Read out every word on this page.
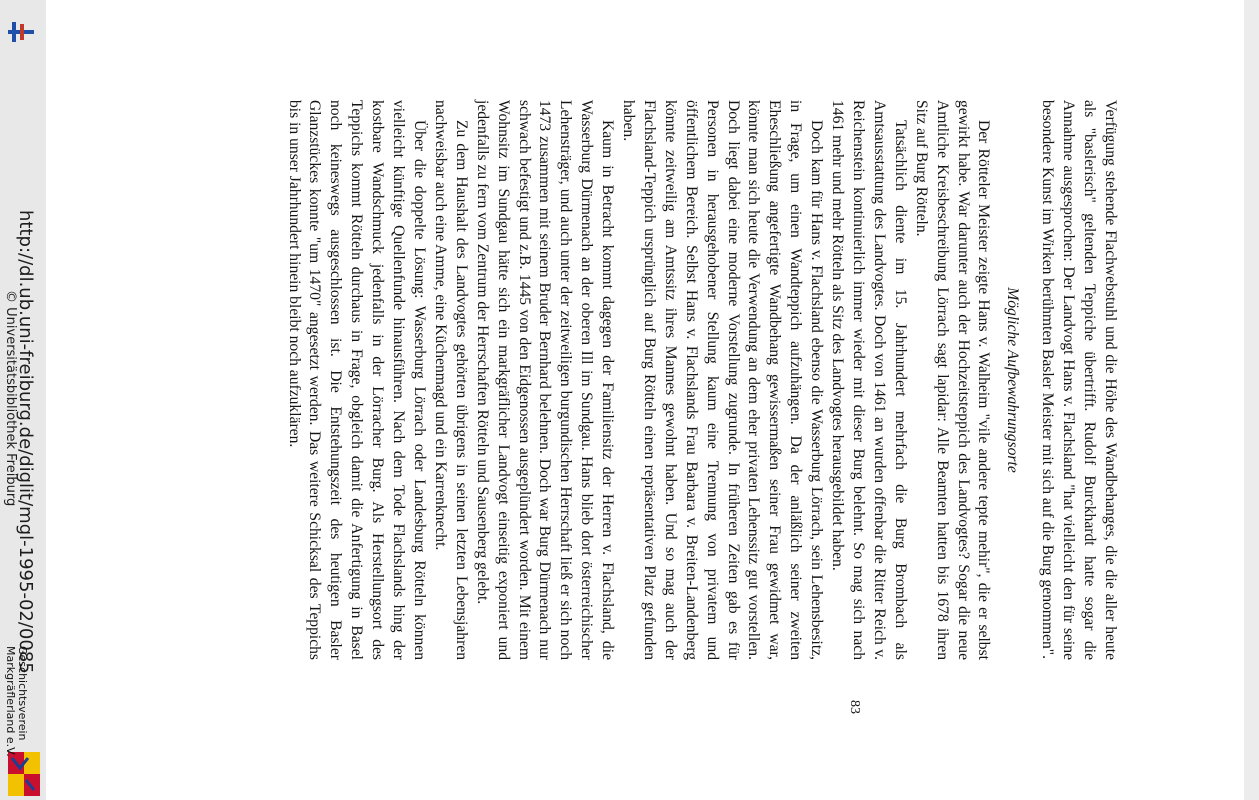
http://dl.ub.uni-freiburg.de/diglit/mgl-1995-02/0085
© Universitätsbibliothek Freiburg
Geschichtsverein
Markgräflerland e.V.

Verfügung stehende Flachwebstuhl und die Höhe des Wandbehanges, die die aller heute als "baslerisch" geltenden Teppiche übertrifft. Rudolf Burckhardt hatte sogar die Annahme ausgesprochen: Der Landvogt Hans v. Flachsland "hat vielleicht den für seine besondere Kunst im Wirken berühmten Basler Meister mit sich auf die Burg genommen".

Mögliche Aufbewahrungsorte

Der Rötteler Meister zeigte Hans v. Walheim "vile andere tepte mehir", die er selbst gewirkt habe. War darunter auch der Hochzeitsteppich des Landvogtes? Sogar die neue Amtliche Kreisbeschreibung Lörrach sagt lapidar: Alle Beamten hatten bis 1678 ihren Sitz auf Burg Rötteln.

Tatsächlich diente im 15. Jahrhundert mehrfach die Burg Brombach als Amtsausstattung des Landvogtes. Doch von 1461 an wurden offenbar die Ritter Reich v. Reichenstein kontinuierlich immer wieder mit dieser Burg belehnt. So mag sich nach 1461 mehr und mehr Rötteln als Sitz des Landvogtes herausgebildet haben.

Doch kam für Hans v. Flachsland ebenso die Wasserburg Lörrach, sein Lehensbesitz, in Frage, um einen Wandteppich aufzuhängen. Da der anläßlich seiner zweiten Eheschließung angefertigte Wandbehang gewissermaßen seiner Frau gewidmet war, könnte man sich heute die Verwendung an dem eher privaten Lehenssitz gut vorstellen. Doch liegt dabei eine moderne Vorstellung zugrunde. In früheren Zeiten gab es für Personen in herausgehobener Stellung kaum eine Trennung von privatem und öffentlichem Bereich. Selbst Hans v. Flachslands Frau Barbara v. Breiten-Landenberg könnte zeitweilig am Amtssitz ihres Mannes gewohnt haben. Und so mag auch der Flachsland-Teppich ursprünglich auf Burg Rötteln einen repräsentativen Platz gefunden haben.

Kaum in Betracht kommt dagegen der Familiensitz der Herren v. Flachsland, die Wasserburg Dürmenach an der oberen Ill im Sundgau. Hans blieb dort österreichischer Lehensträger, und auch unter der zeitweiligen burgundischen Herrschaft ließ er sich noch 1473 zusammen mit seinem Bruder Bernhard belehnen. Doch war Burg Dürmenach nur schwach befestigt und z.B. 1445 von den Eidgenossen ausgeplündert worden. Mit einem Wohnsitz im Sundgau hätte sich ein markgräflicher Landvogt einseitig exponiert und jedenfalls zu fern vom Zentrum der Herrschaften Rötteln und Sausenberg gelebt.

Zu dem Haushalt des Landvogtes gehörten übrigens in seinen letzten Lebensjahren nachweisbar auch eine Amme, eine Küchenmagd und ein Karrenknecht.

Über die doppelte Lösung: Wasserburg Lörrach oder Landesburg Rötteln können vielleicht künftige Quellenfunde hinausführen. Nach dem Tode Flachslands hing der kostbare Wandschmuck jedenfalls in der Lörracher Burg. Als Herstellungsort des Teppichs kommt Rötteln durchaus in Frage, obgleich damit die Anfertigung in Basel noch keineswegs ausgeschlossen ist. Die Entstehungszeit des heutigen Basler Glanzstückes konnte "um 1470" angesetzt werden. Das weitere Schicksal des Teppichs bis in unser Jahrhundert hinein bleibt noch aufzuklären.

83
